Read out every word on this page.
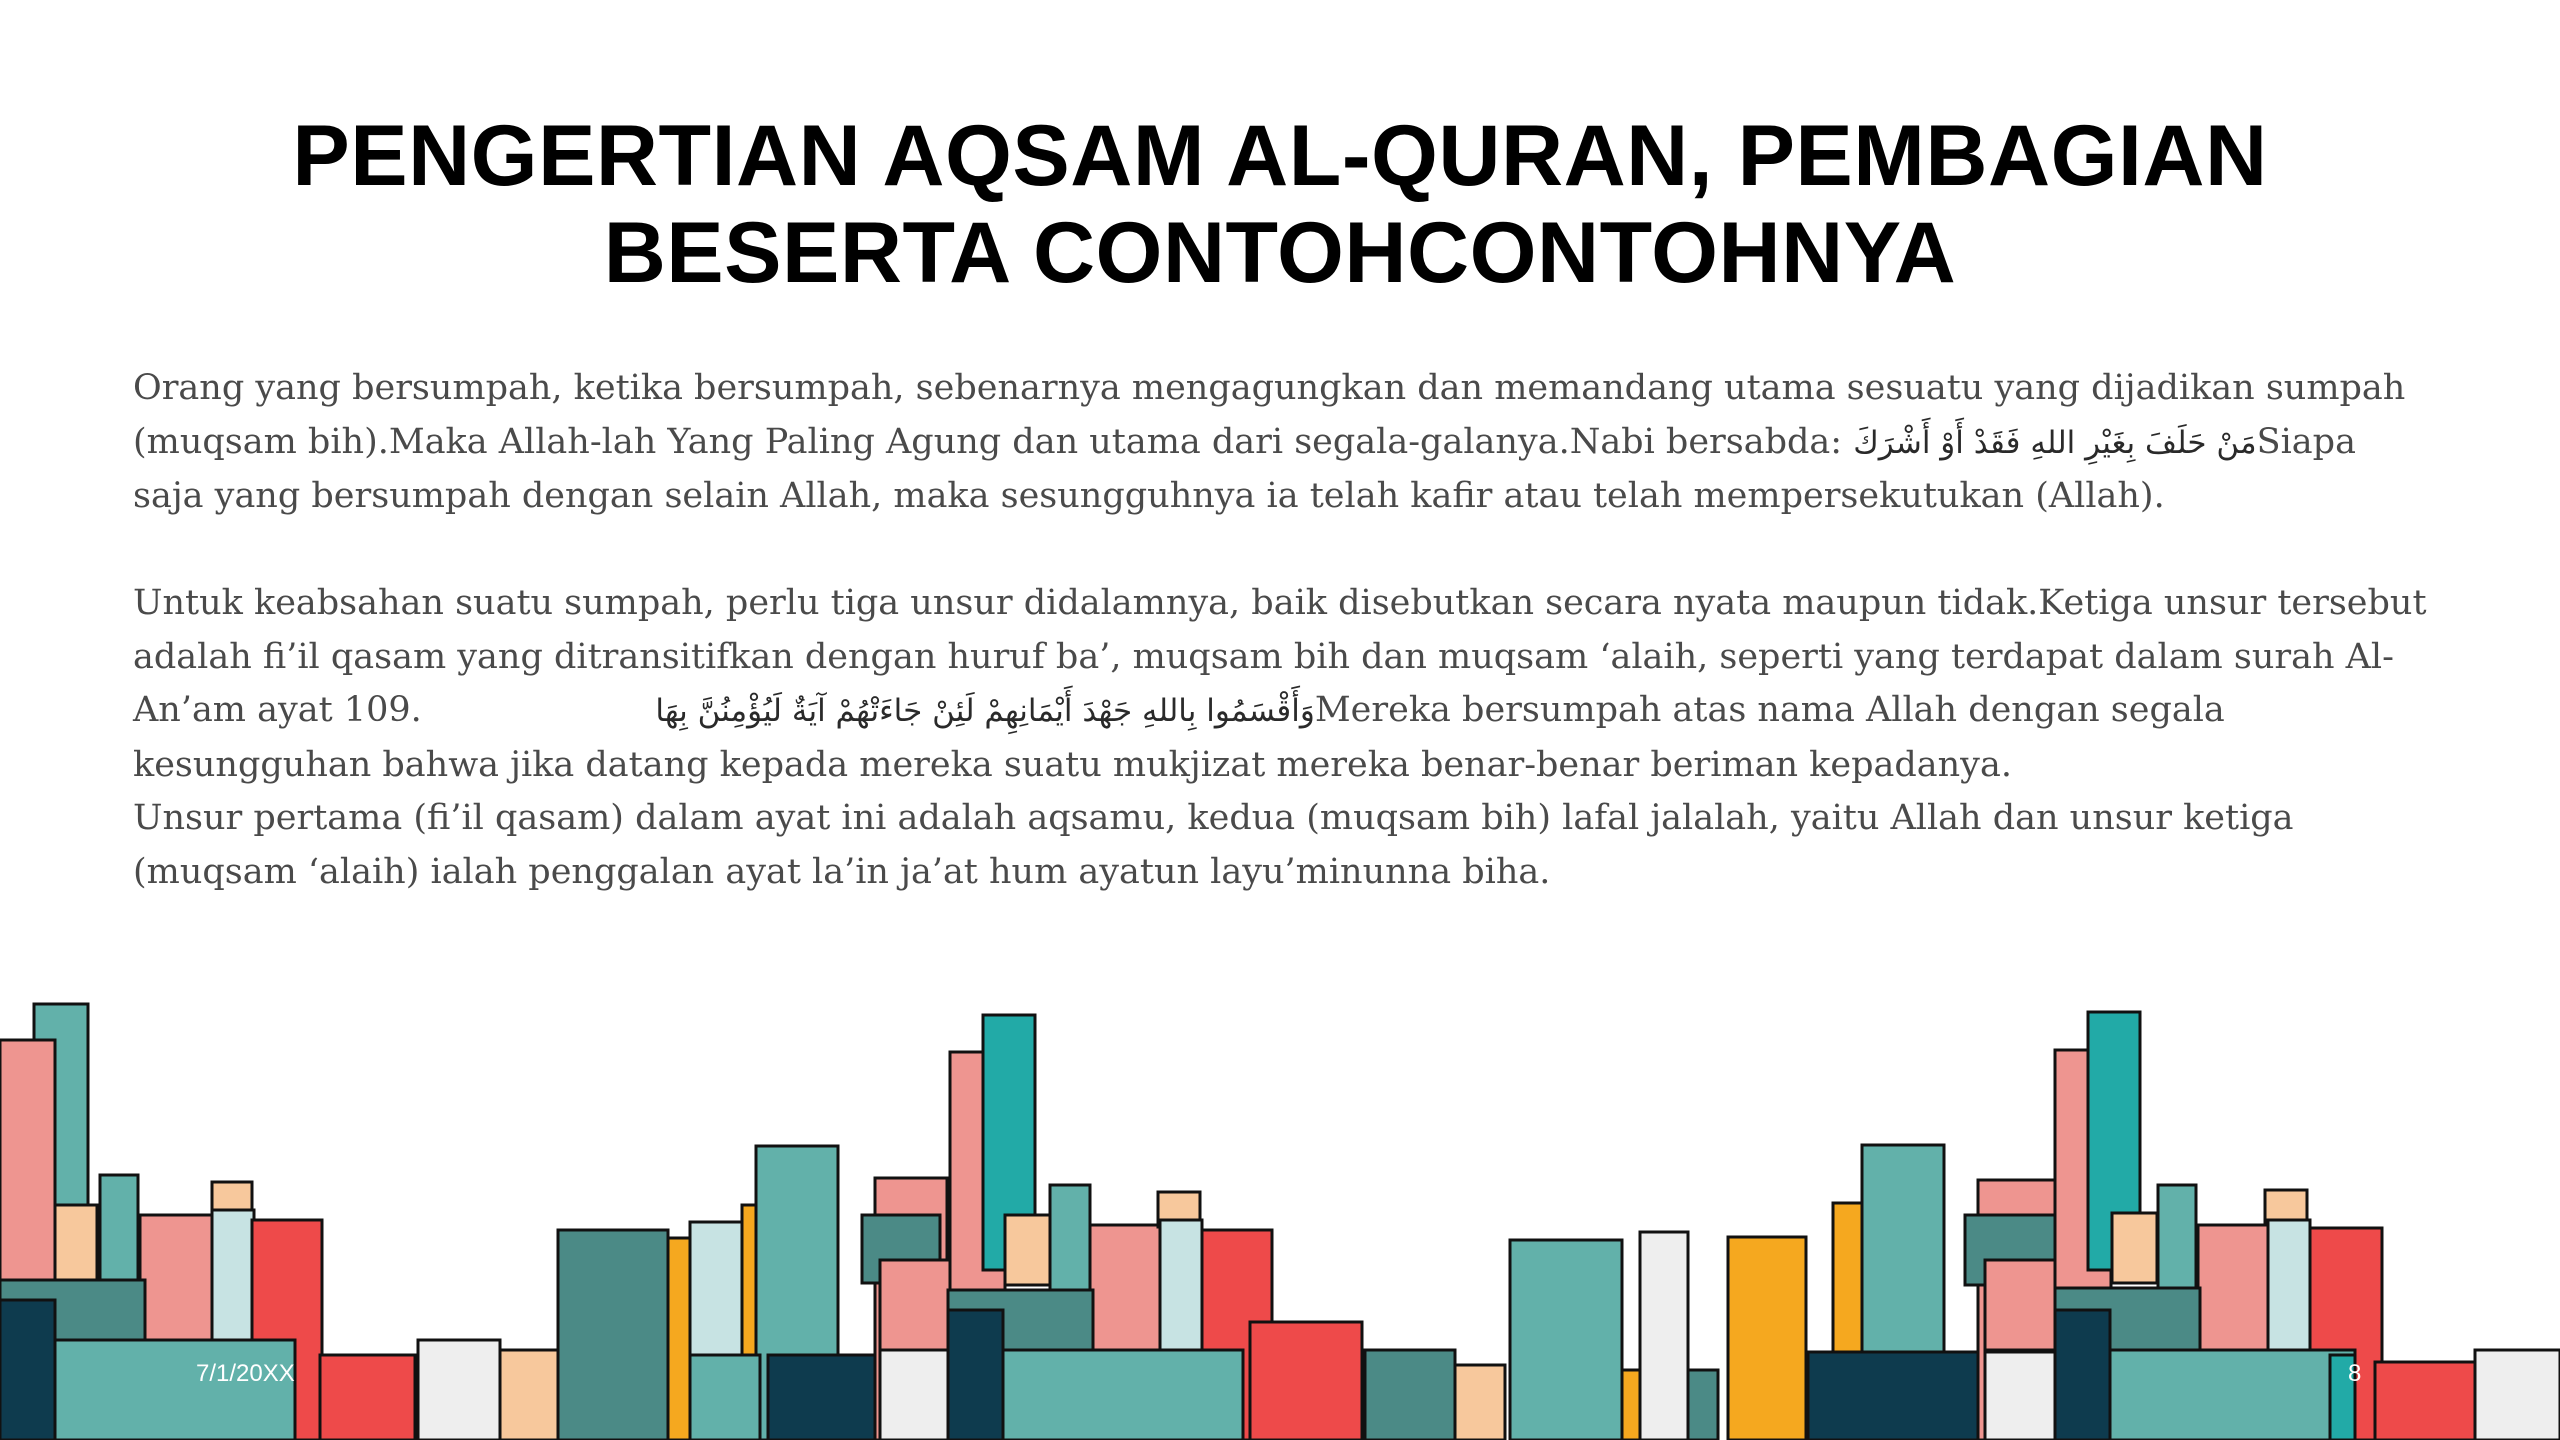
PENGERTIAN AQSAM AL-QURAN, PEMBAGIAN
BESERTA CONTOHCONTOHNYA

Orang yang bersumpah, ketika bersumpah, sebenarnya mengagungkan dan memandang utama sesuatu yang dijadikan sumpah (muqsam bih).Maka Allah-lah Yang Paling Agung dan utama dari segala-galanya.Nabi bersabda: مَنْ حَلَفَ بِغَيْرِ اللهِ فَقَدْ أَوْ أَشْرَكَSiapa saja yang bersumpah dengan selain Allah, maka sesungguhnya ia telah kafir atau telah mempersekutukan (Allah).

Untuk keabsahan suatu sumpah, perlu tiga unsur didalamnya, baik disebutkan secara nyata maupun tidak.Ketiga unsur tersebut adalah fi’il qasam yang ditransitifkan dengan huruf ba’, muqsam bih dan muqsam ‘alaih, seperti yang terdapat dalam surah Al-An’am ayat 109.	وَأَقْسَمُوا بِاللهِ جَهْدَ أَيْمَانِهِمْ لَئِنْ جَاءَتْهُمْ آيَةٌ لَيُؤْمِنُنَّ بِهَاMereka bersumpah atas nama Allah dengan segala kesungguhan bahwa jika datang kepada mereka suatu mukjizat mereka benar-benar beriman kepadanya.

Unsur pertama (fi’il qasam) dalam ayat ini adalah aqsamu, kedua (muqsam bih) lafal jalalah, yaitu Allah dan unsur ketiga (muqsam ‘alaih) ialah penggalan ayat la’in ja’at hum ayatun layu’minunna biha.

7/1/20XX	8
